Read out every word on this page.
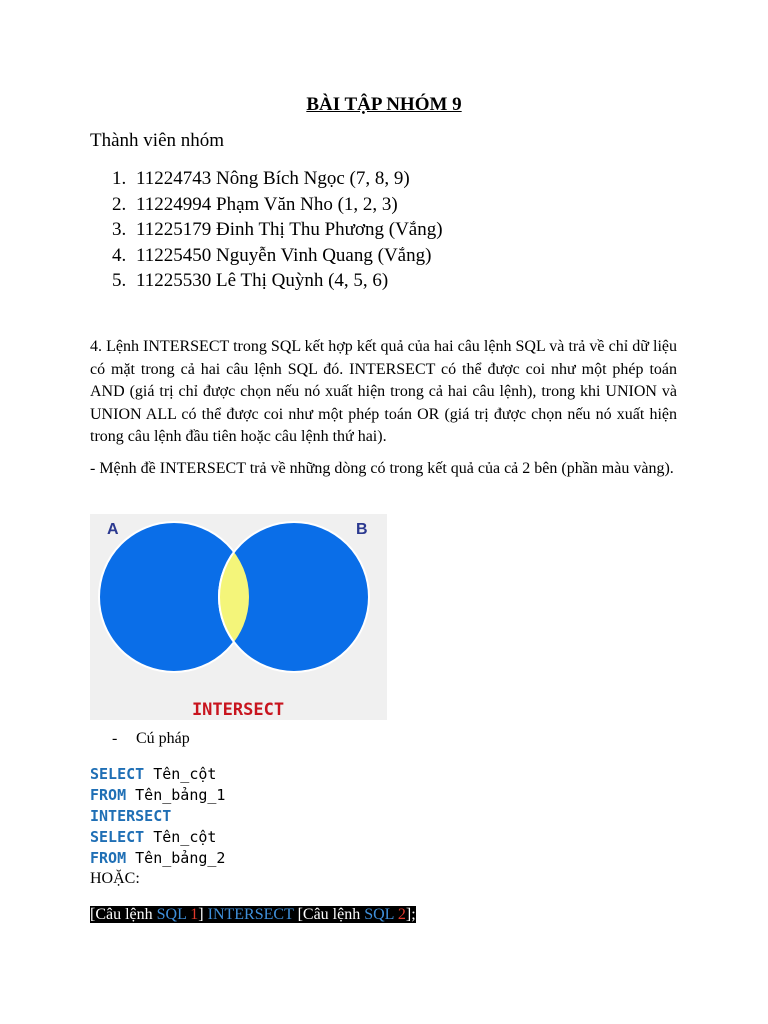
BÀI TẬP NHÓM 9
Thành viên nhóm
1. 11224743 Nông Bích Ngọc (7, 8, 9)
2. 11224994 Phạm Văn Nho (1, 2, 3)
3. 11225179 Đinh Thị Thu Phương (Vắng)
4. 11225450 Nguyễn Vinh Quang (Vắng)
5. 11225530 Lê Thị Quỳnh (4, 5, 6)
4. Lệnh INTERSECT trong SQL kết hợp kết quả của hai câu lệnh SQL và trả về chỉ dữ liệu có mặt trong cả hai câu lệnh SQL đó. INTERSECT có thể được coi như một phép toán AND (giá trị chỉ được chọn nếu nó xuất hiện trong cả hai câu lệnh), trong khi UNION và UNION ALL có thể được coi như một phép toán OR (giá trị được chọn nếu nó xuất hiện trong câu lệnh đầu tiên hoặc câu lệnh thứ hai).
- Mệnh đề INTERSECT trả về những dòng có trong kết quả của cả 2 bên (phần màu vàng).
A	B
INTERSECT
- Cú pháp
SELECT Tên_cột
FROM Tên_bảng_1
INTERSECT
SELECT Tên_cột
FROM Tên_bảng_2
HOẶC:
[Câu lệnh SQL 1] INTERSECT [Câu lệnh SQL 2];
